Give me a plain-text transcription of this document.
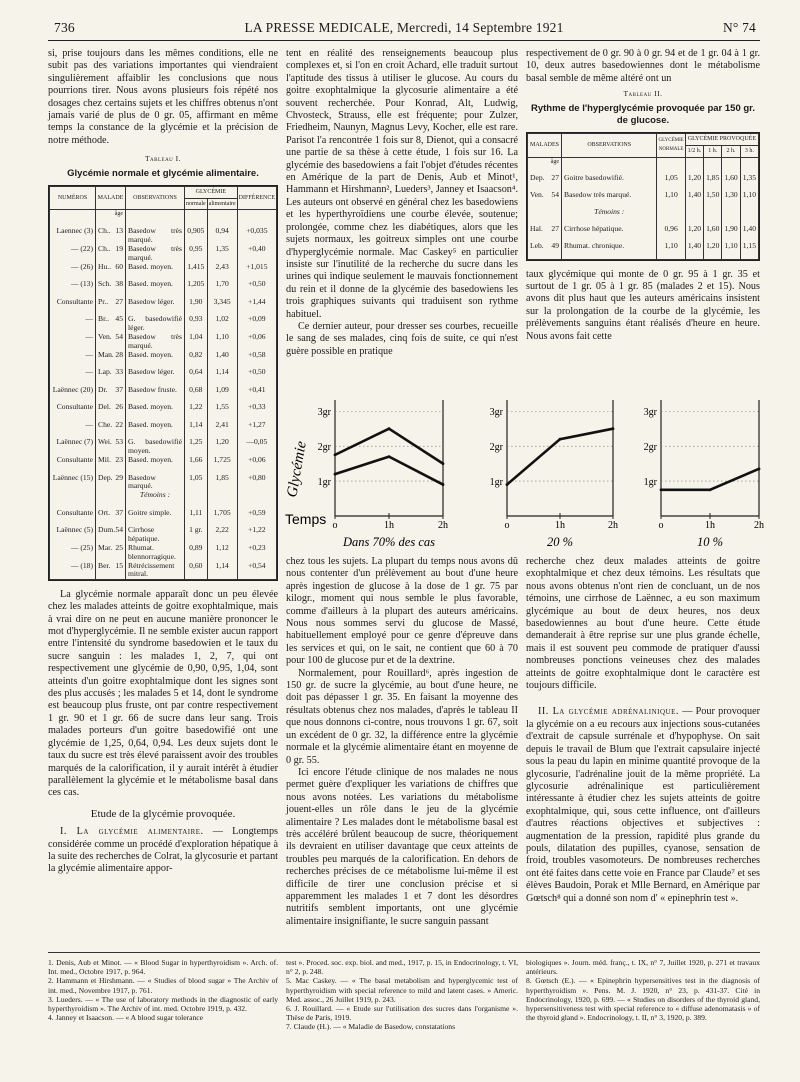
736	LA PRESSE MEDICALE, Mercredi, 14 Septembre 1921	N° 74

si, prise toujours dans les mêmes conditions, elle ne subit pas des variations importantes qui viendraient singulièrement affaiblir les conclusions que nous pourrions tirer. Nous avons plusieurs fois répété nos dosages chez certains sujets et les chiffres obtenus n'ont jamais varié de plus de 0 gr. 05, affirmant en même temps la constance de la glycémie et la précision de notre méthode.

Tableau I.
Glycémie normale et glycémie alimentaire.
NUMÉROS	MALADE	OBSERVATIONS	GLYCÉMIE		DIFFÉRENCE
			normale	alimentaire	
	âge				
Laennec (3)	Ch.. 13	Basedow très marqué.	0,905	0,94	+0,035
— (22)	Ch.. 19	Basedow très marqué.	0,95	1,35	+0,40
— (26)	Hu.. 60	Based. moyen.	1,415	2,43	+1,015
— (13)	Sch. 38	Based. moyen.	1,205	1,70	+0,50
Consultante	Pr.. 27	Basedow léger.	1,90	3,345	+1,44
—	Br.. 45	G. basedowifié léger.	0,93	1,02	+0,09
—	Ven. 54	Basedow très marqué.	1,04	1,10	+0,06
—	Man. 28	Based. moyen.	0,82	1,40	+0,58
—	Lap. 33	Basedow léger.	0,64	1,14	+0,50
Laënnec (20)	Dr. 37	Basedow fruste.	0,68	1,09	+0,41
Consultante	Del. 26	Based. moyen.	1,22	1,55	+0,33
—	Che. 22	Based. moyen.	1,14	2,41	+1,27
Laënnec (7)	Wei. 53	G. basedowifié moyen.	1,25	1,20	—0,05
Consultante	Mil. 23	Based. moyen.	1,66	1,725	+0,06
Laënnec (15)	Dep. 29	Basedow marqué.	1,05	1,85	+0,80
		Témoins :			
Consultante	Ort. 37	Goitre simple.	1,11	1,705	+0,59
Laënnec (5)	Dum. 54	Cirrhose hépatique.	1 gr.	2,22	+1,22
— (25)	Mar. 25	Rhumat. blennorragique.	0,89	1,12	+0,23
— (18)	Ber. 15	Rétrécissement mitral.	0,60	1,14	+0,54

La glycémie normale apparaît donc un peu élevée chez les malades atteints de goitre exophtalmique, mais à vrai dire on ne peut en aucune manière prononcer le mot d'hyperglycémie. Il ne semble exister aucun rapport entre l'intensité du syndrome basedowien et le taux du sucre sanguin : les malades 1, 2, 7, qui ont respectivement une glycémie de 0,90, 0,95, 1,04, sont atteints d'un goitre exophtalmique dont les signes sont des plus accusés ; les malades 5 et 14, dont le syndrome est beaucoup plus fruste, ont par contre respectivement 1 gr. 90 et 1 gr. 66 de sucre dans leur sang. Trois malades porteurs d'un goitre basedowifié ont une glycémie de 1,25, 0,64, 0,94. Les deux sujets dont le taux du sucre est très élevé paraissent avoir des troubles marqués de la calorification, il y aurait intérêt à étudier parallèlement la glycémie et le métabolisme basal dans ces cas.

Etude de la glycémie provoquée.

I. La glycémie alimentaire. — Longtemps considérée comme un procédé d'exploration hépatique à la suite des recherches de Colrat, la glycosurie et partant la glycémie alimentaire appor-

tent en réalité des renseignements beaucoup plus complexes et, si l'on en croit Achard, elle traduit surtout l'aptitude des tissus à utiliser le glucose. Au cours du goitre exophtalmique la glycosurie alimentaire a été souvent recherchée. Pour Konrad, Alt, Ludwig, Chvosteck, Strauss, elle est fréquente; pour Zulzer, Friedheim, Naunyn, Magnus Levy, Kocher, elle est rare. Parisot l'a rencontrée 1 fois sur 8, Dienot, qui a consacré une partie de sa thèse à cette étude, 1 fois sur 16. La glycémie des basedowiens a fait l'objet d'études récentes en Amérique de la part de Denis, Aub et Minot¹, Hammann et Hirshmann², Lueders³, Janney et Isaacson⁴. Les auteurs ont observé en général chez les basedowiens et les hyperthyroïdiens une courbe élevée, soutenue; prolongée, comme chez les diabétiques, alors que les sujets normaux, les goitreux simples ont une courbe d'hyperglycémie normale. Mac Caskey⁵ en particulier insiste sur l'inutilité de la recherche du sucre dans les urines qui indique seulement le mauvais fonctionnement du rein et il donne de la glycémie des basedowiens les trois graphiques suivants qui traduisent son rythme habituel.

Ce dernier auteur, pour dresser ses courbes, recueille le sang de ses malades, cinq fois de suite, ce qui n'est guère possible en pratique

respectivement de 0 gr. 90 à 0 gr. 94 et de 1 gr. 04 à 1 gr. 10, deux autres basedowiennes dont le métabolisme basal semble de même altéré ont un

Tableau II.
Rythme de l'hyperglycémie provoquée par 150 gr. de glucose.
MALADES	OBSERVATIONS	GLYCÉMIE NORMALE	GLYCÉMIE PROVOQUÉE			
			1/2 h.	1 h.	2 h.	3 h.
âge						
Dep. 27	Goitre basedowifié.	1,05	1,20	1,85	1,60	1,35
Ven. 54	Basedow très marqué.	1,10	1,40	1,50	1,30	1,10
	Témoins :					
Hal. 27	Cirrhose hépatique.	0,96	1,20	1,60	1,90	1,40
Leb. 49	Rhumat. chronique.	1,10	1,40	1,20	1,10	1,15

taux glycémique qui monte de 0 gr. 95 à 1 gr. 35 et surtout de 1 gr. 05 à 1 gr. 85 (malades 2 et 15). Nous avons dit plus haut que les auteurs américains insistent sur la prolongation de la courbe de la glycémie, les prélèvements sanguins étant réalisés d'heure en heure. Nous avons fait cette

Glycémie
Temps
1gr
2gr
3gr
o	1h	2h
Dans 70% des cas
1gr
2gr
3gr
o	1h	2h
20 %
1gr
2gr
3gr
o	1h	2h
10 %

chez tous les sujets. La plupart du temps nous avons dû nous contenter d'un prélèvement au bout d'une heure après ingestion de glucose à la dose de 1 gr. 75 par kilogr., moment qui nous semble le plus favorable, comme d'ailleurs à la plupart des auteurs américains. Nous nous sommes servi du glucose de Massé, habituellement employé pour ce genre d'épreuve dans les services et qui, on le sait, ne contient que 60 à 70 pour 100 de glucose pur et de la dextrine.

Normalement, pour Rouillard⁶, après ingestion de 150 gr. de sucre la glycémie, au bout d'une heure, ne doit pas dépasser 1 gr. 35. En faisant la moyenne des résultats obtenus chez nos malades, d'après le tableau II que nous donnons ci-contre, nous trouvons 1 gr. 67, soit un excédent de 0 gr. 32, la différence entre la glycémie normale et la glycémie alimentaire étant en moyenne de 0 gr. 55.

Ici encore l'étude clinique de nos malades ne nous permet guère d'expliquer les variations de chiffres que nous avons notées. Les variations du métabolisme jouent-elles un rôle dans le jeu de la glycémie alimentaire ? Les malades dont le métabolisme basal est très accéléré brûlent beaucoup de sucre, théoriquement ils devraient en utiliser davantage que ceux atteints de troubles peu marqués de la calorification. En dehors de recherches précises de ce métabolisme lui-même il est difficile de tirer une conclusion précise et si apparemment les malades 1 et 7 dont les désordres nutritifs semblent importants, ont une glycémie alimentaire insignifiante, le sucre sanguin passant

recherche chez deux malades atteints de goitre exophtalmique et chez deux témoins. Les résultats que nous avons obtenus n'ont rien de concluant, un de nos témoins, une cirrhose de Laënnec, a eu son maximum glycémique au bout de deux heures, nos deux basedowiennes au bout d'une heure. Cette étude demanderait à être reprise sur une plus grande échelle, mais il est souvent peu commode de pratiquer d'aussi nombreuses ponctions veineuses chez des malades atteints de goitre exophtalmique dont le caractère est toujours difficile.

II. La glycémie adrénalinique. — Pour provoquer la glycémie on a eu recours aux injections sous-cutanées d'extrait de capsule surrénale et d'hypophyse. On sait depuis le travail de Blum que l'extrait capsulaire injecté sous la peau du lapin en minime quantité provoque de la glycosurie, l'adrénaline jouit de la même propriété. La glycosurie adrénalinique est particulièrement intéressante à étudier chez les sujets atteints de goitre exophtalmique, qui, sous cette influence, ont d'ailleurs d'autres réactions objectives et subjectives : augmentation de la pression, rapidité plus grande du pouls, dilatation des pupilles, cyanose, sensation de froid, troubles vasomoteurs. De nombreuses recherches ont été faites dans cette voie en France par Claude⁷ et ses élèves Baudoin, Porak et Mlle Bernard, en Amérique par Gœtsch⁸ qui a donné son nom d' « epinephrin test ».

1. Denis, Aub et Minot. — « Blood Sugar in hyperthyroidism ». Arch. of. Int. med., Octobre 1917, p. 964.

2. Hammann et Hirshmann. — « Studies of blood sugar » The Archiv of int. med., Novembre 1917, p. 761.

3. Lueders. — « The use of laboratory methods in the diagnostic of early hyperthyroidism ». The Archiv of int. med. Octobre 1919, p. 432.

4. Janney et Isaacson. — « A blood sugar tolerance

test ». Proced. soc. exp. biol. and med., 1917, p. 15, in Endocrinology, t. VI, n° 2, p. 248.

5. Mac Caskey. — « The basal metabolism and hyperglycemic test of hyperthyroidism with special reference to mild and latent cases. » Americ. Med. assoc., 26 Juillet 1919, p. 243.

6. J. Rouillard. — « Etude sur l'utilisation des sucres dans l'organisme ». Thèse de Paris, 1919.

7. Claude (H.). — « Maladie de Basedow, constatations

biologiques ». Journ. méd. franç., t. IX, n° 7, Juillet 1920, p. 271 et travaux antérieurs.

8. Gœtsch (E.). — « Epinephrin hypersensitives test in the diagnosis of hyperthyroidism ». Pens. M. J. 1920, n° 23, p. 431-37. Cité in Endocrinology, 1920, p. 699. — « Studies on disorders of the thyroid gland, hypersensitiveness test with special reference to « diffuse adenomatasis » of the thyroid gland ». Endocrinology, t. II, n° 3, 1920, p. 389.
